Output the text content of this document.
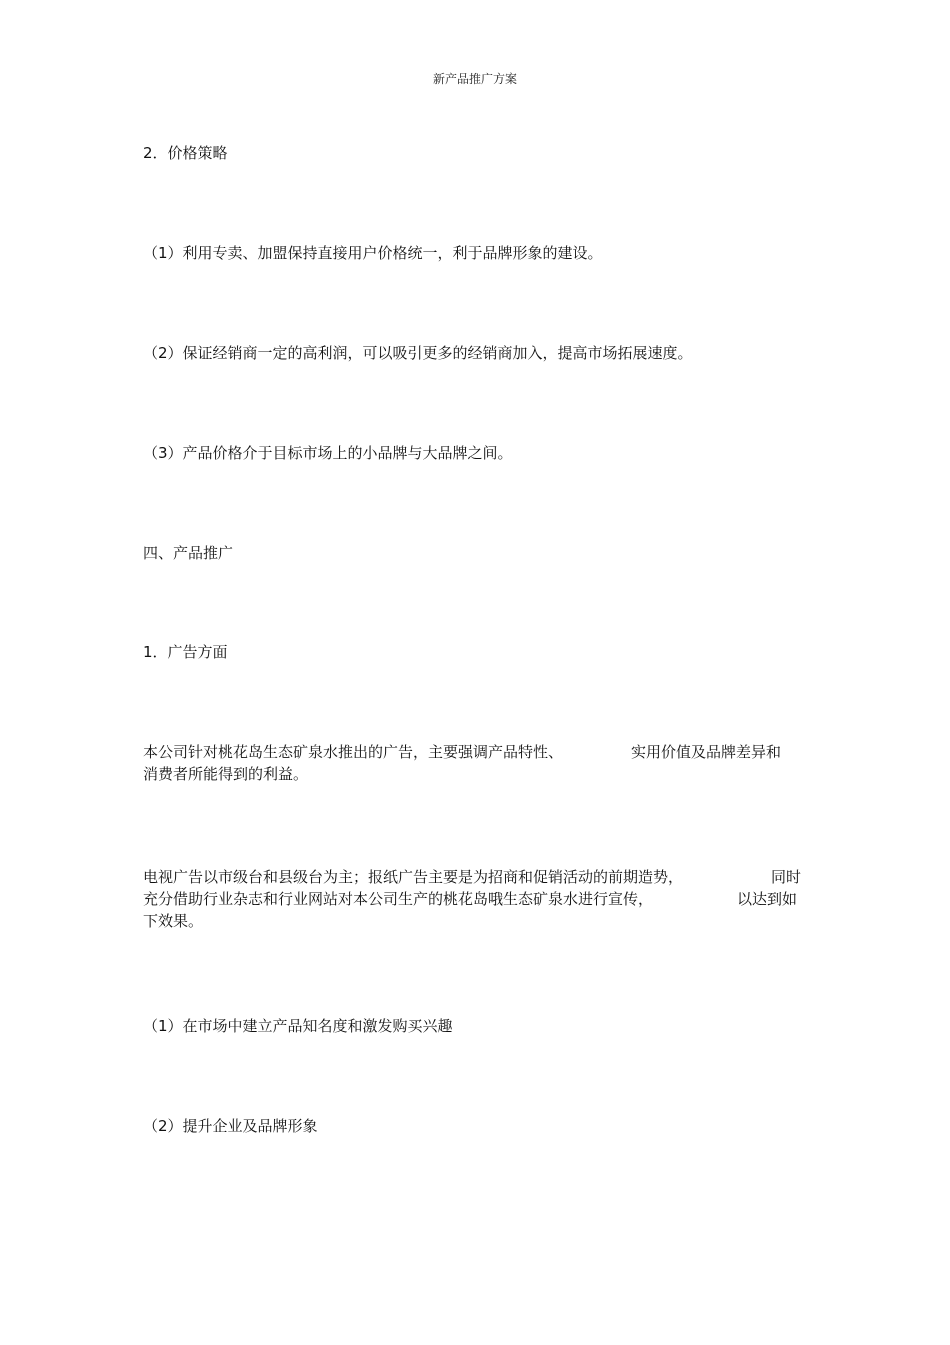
新产品推广方案
2．价格策略
（1）利用专卖、加盟保持直接用户价格统一，利于品牌形象的建设。
（2）保证经销商一定的高利润，可以吸引更多的经销商加入，提高市场拓展速度。
（3）产品价格介于目标市场上的小品牌与大品牌之间。
四、产品推广
1．广告方面
本公司针对桃花岛生态矿泉水推出的广告，主要强调产品特性、	实用价值及品牌差异和
消费者所能得到的利益。
电视广告以市级台和县级台为主；报纸广告主要是为招商和促销活动的前期造势，	同时
充分借助行业杂志和行业网站对本公司生产的桃花岛哦生态矿泉水进行宣传，	以达到如
下效果。
（1）在市场中建立产品知名度和激发购买兴趣
（2）提升企业及品牌形象
